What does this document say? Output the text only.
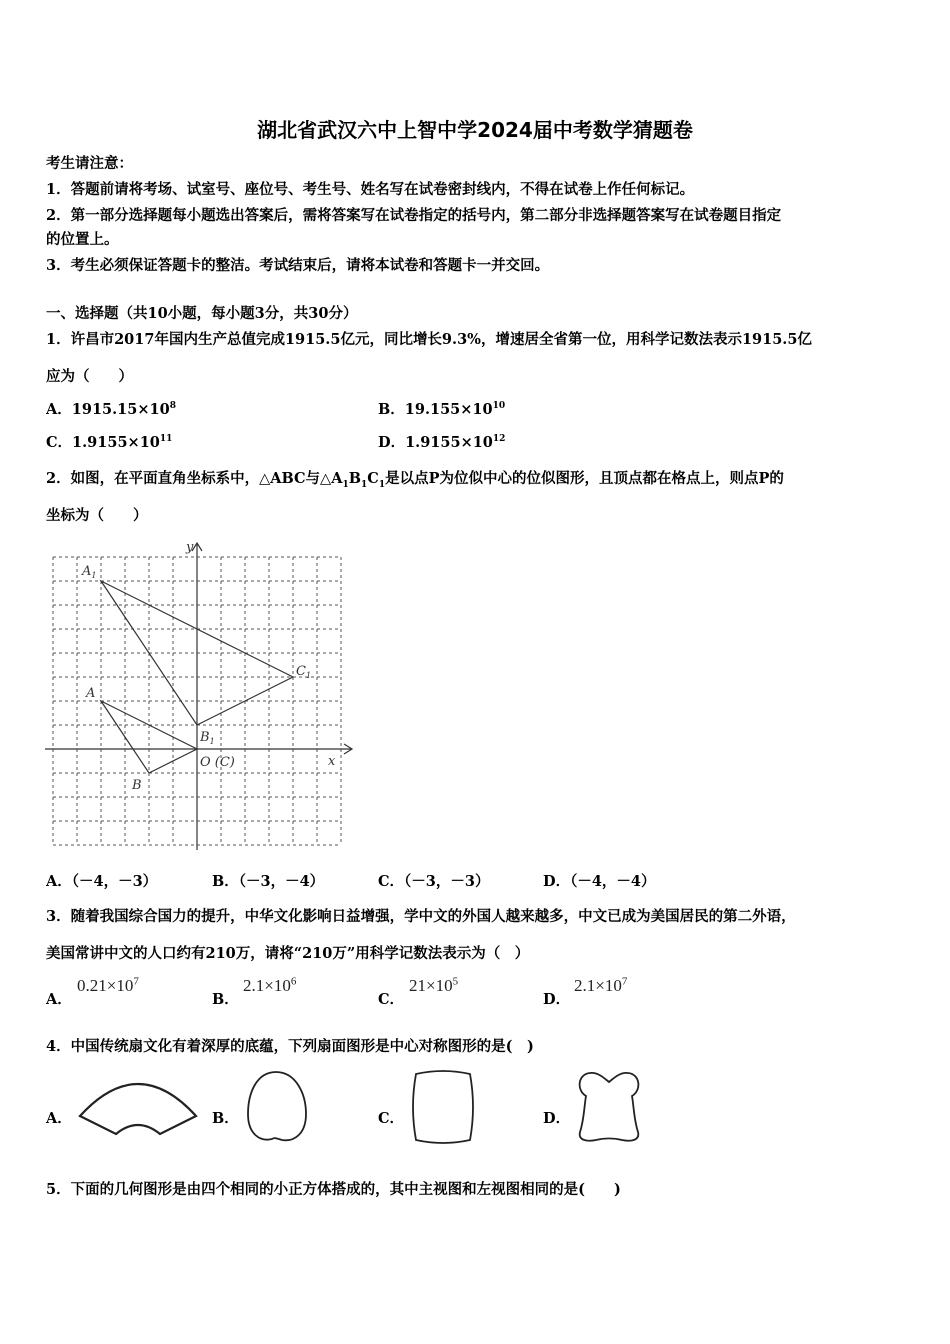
湖北省武汉六中上智中学2024届中考数学猜题卷
考生请注意：
1．答题前请将考场、试室号、座位号、考生号、姓名写在试卷密封线内，不得在试卷上作任何标记。
2．第一部分选择题每小题选出答案后，需将答案写在试卷指定的括号内，第二部分非选择题答案写在试卷题目指定
的位置上。
3．考生必须保证答题卡的整洁。考试结束后，请将本试卷和答题卡一并交回。
一、选择题（共10小题，每小题3分，共30分）
1．许昌市2017年国内生产总值完成1915.5亿元，同比增长9.3%，增速居全省第一位，用科学记数法表示1915.5亿
应为（　　）
A．$1915.15\times 10^8$	B．$19.155\times 10^{10}$
C．$1.9155\times 10^{11}$	D．$1.9155\times 10^{12}$
2．如图，在平面直角坐标系中，△ABC与$\triangle A_1B_1C_1$是以点P为位似中心的位似图形，且顶点都在格点上，则点P的
坐标为（　　）
y
x
$A_1$
$C_1$
$B_1$
A
B
O (C)
A．（－4，－3）	B．（－3，－4）	C．（－3，－3）	D．（－4，－4）
3．随着我国综合国力的提升，中华文化影响日益增强，学中文的外国人越来越多，中文已成为美国居民的第二外语，
美国常讲中文的人口约有210万，请将“210万”用科学记数法表示为（　）
A．
$0.21\times 10^7$
B．
$2.1\times 10^6$
C．
$21\times 10^5$
D．
$2.1\times 10^7$
4．中国传统扇文化有着深厚的底蕴，下列扇面图形是中心对称图形的是(　)
A．	B．	C．	D．
5．下面的几何图形是由四个相同的小正方体搭成的，其中主视图和左视图相同的是(　　)
